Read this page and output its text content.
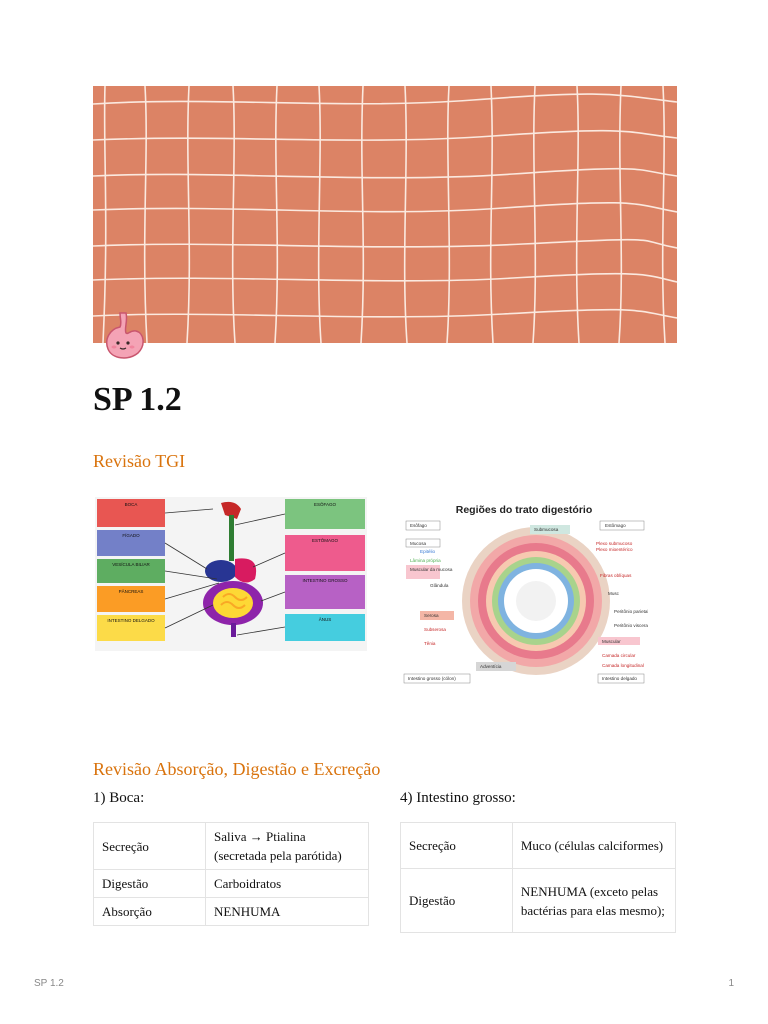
SP 1.2
Revisão TGI
BOCA
FÍGADO
VESÍCULA BILIAR
PÂNCREAS
INTESTINO DELGADO
ESÔFAGO
ESTÔMAGO
INTESTINO GROSSO
ÂNUS
Regiões do trato digestório
Esôfago
Submucosa
Estômago
Mucosa
Epitélio
Lâmina própria
Muscular da mucosa
Plexo submucoso
Plexo mioentérico
Fibras oblíquas
Glândula
Musc
Peritônio parietal
Peritônio visceral
Serosa
Subserosa
Tênia	Muscular
Camada circular
Camada longitudinal
Adventícia
Intestino grosso (cólon)	Intestino delgado
Revisão Absorção, Digestão e Excreção
1) Boca:	4) Intestino grosso:
Secreção	Saliva → Ptialina (secretada pela parótida)
Digestão	Carboidratos
Absorção	NENHUMA
Secreção	Muco (células calciformes)
Digestão	NENHUMA (exceto pelas bactérias para elas mesmo);
SP 1.2	1
